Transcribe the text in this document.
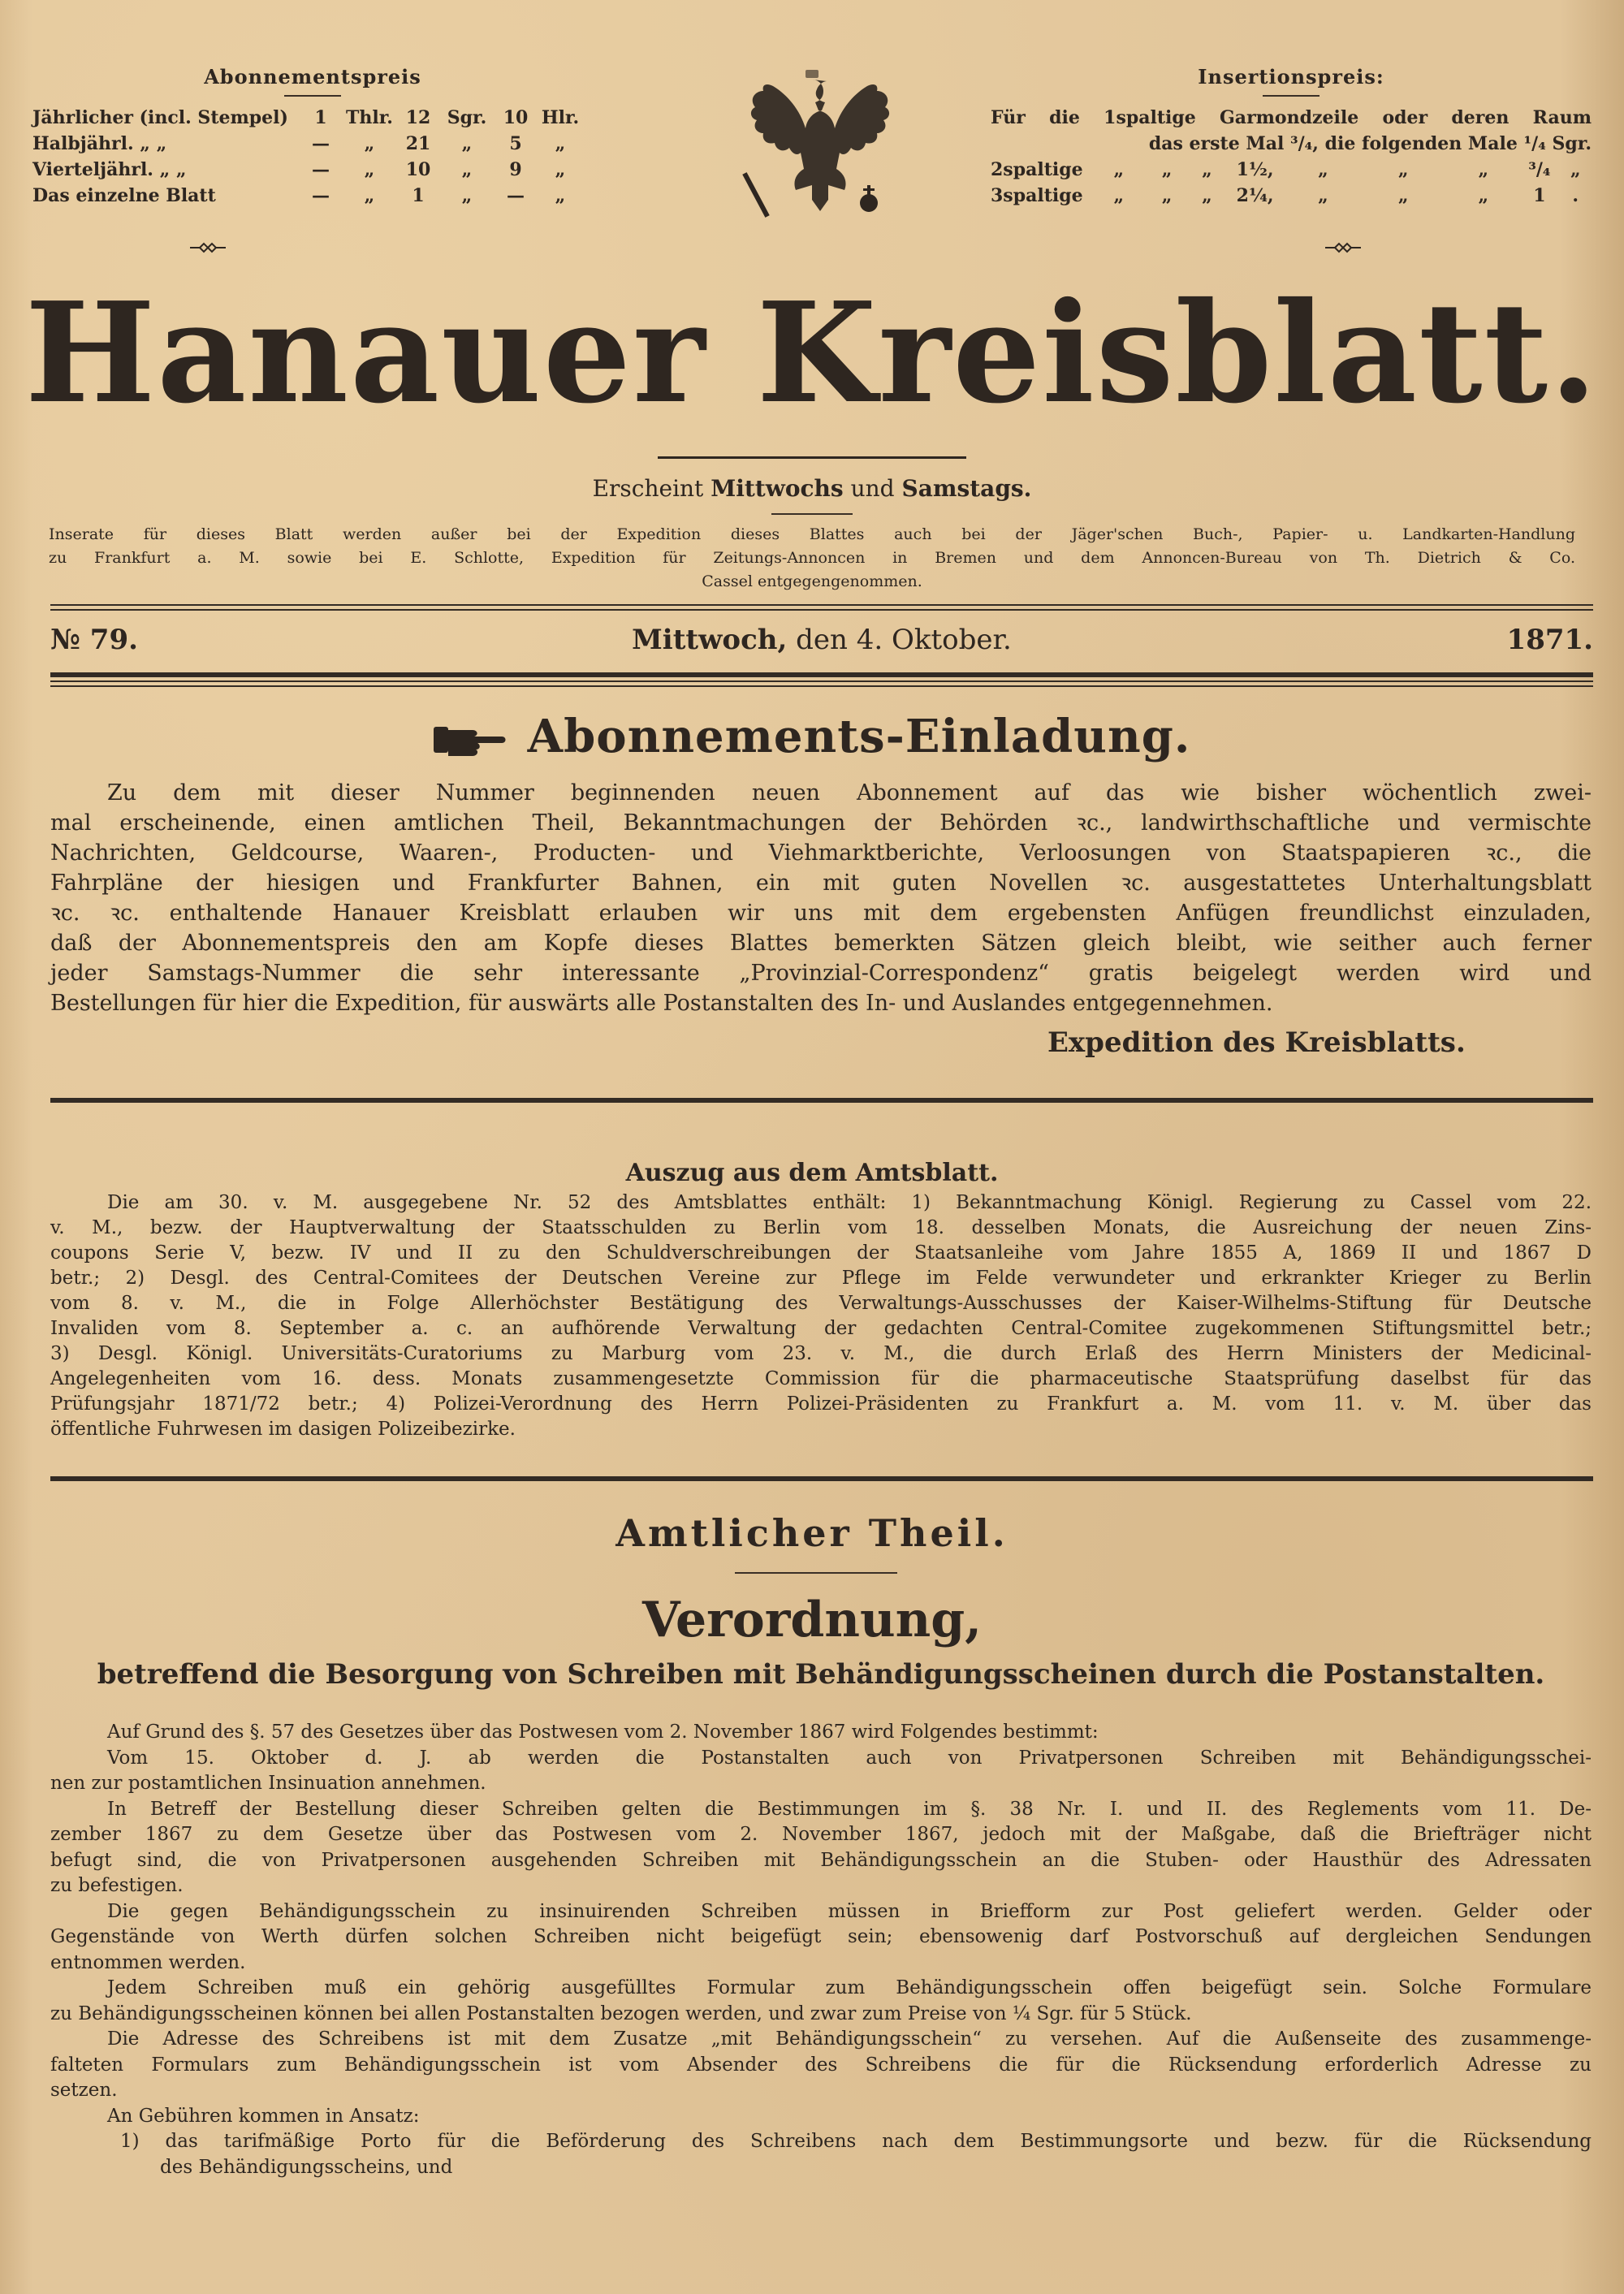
Abonnementspreis
Jährlicher (incl. Stempel)	1	Thlr. 12 Sgr. 10 Hlr.
Halbjährl. „ „	—	„	21	„	5	„
Vierteljährl. „ „	—	„	10	„	9	„
Das einzelne Blatt	—	„	1	„	—	„
Insertionspreis:
Für die 1spaltige Garmondzeile oder deren Raum
das erste Mal ³/₄, die folgenden Male ¹/₄ Sgr.
2spaltige	„	„	„	1½,	„	„	„	³/₄	„
3spaltige	„	„	„	2¼,	„	„	„	1	.
Hanauer Kreisblatt.
Erscheint Mittwochs und Samstags.
Inserate für dieses Blatt werden außer bei der Expedition dieses Blattes auch bei der Jäger'schen Buch-, Papier- u. Landkarten-Handlung
zu Frankfurt a. M. sowie bei E. Schlotte, Expedition für Zeitungs-Annoncen in Bremen und dem Annoncen-Bureau von Th. Dietrich & Co.
Cassel entgegengenommen.
№ 79.	Mittwoch, den 4. Oktober.	1871.
Abonnements-Einladung.
Zu dem mit dieser Nummer beginnenden neuen Abonnement auf das wie bisher wöchentlich zwei-
mal erscheinende, einen amtlichen Theil, Bekanntmachungen der Behörden ꝛc., landwirthschaftliche und vermischte
Nachrichten, Geldcourse, Waaren-, Producten- und Viehmarktberichte, Verloosungen von Staatspapieren ꝛc., die
Fahrpläne der hiesigen und Frankfurter Bahnen, ein mit guten Novellen ꝛc. ausgestattetes Unterhaltungsblatt
ꝛc. ꝛc. enthaltende Hanauer Kreisblatt erlauben wir uns mit dem ergebensten Anfügen freundlichst einzuladen,
daß der Abonnementspreis den am Kopfe dieses Blattes bemerkten Sätzen gleich bleibt, wie seither auch ferner
jeder Samstags-Nummer die sehr interessante „Provinzial-Correspondenz“ gratis beigelegt werden wird und
Bestellungen für hier die Expedition, für auswärts alle Postanstalten des In- und Auslandes entgegennehmen.
Expedition des Kreisblatts.
Auszug aus dem Amtsblatt.
Die am 30. v. M. ausgegebene Nr. 52 des Amtsblattes enthält: 1) Bekanntmachung Königl. Regierung zu Cassel vom 22.
v. M., bezw. der Hauptverwaltung der Staatsschulden zu Berlin vom 18. desselben Monats, die Ausreichung der neuen Zins-
coupons Serie V, bezw. IV und II zu den Schuldverschreibungen der Staatsanleihe vom Jahre 1855 A, 1869 II und 1867 D
betr.; 2) Desgl. des Central-Comitees der Deutschen Vereine zur Pflege im Felde verwundeter und erkrankter Krieger zu Berlin
vom 8. v. M., die in Folge Allerhöchster Bestätigung des Verwaltungs-Ausschusses der Kaiser-Wilhelms-Stiftung für Deutsche
Invaliden vom 8. September a. c. an aufhörende Verwaltung der gedachten Central-Comitee zugekommenen Stiftungsmittel betr.;
3) Desgl. Königl. Universitäts-Curatoriums zu Marburg vom 23. v. M., die durch Erlaß des Herrn Ministers der Medicinal-
Angelegenheiten vom 16. dess. Monats zusammengesetzte Commission für die pharmaceutische Staatsprüfung daselbst für das
Prüfungsjahr 1871/72 betr.; 4) Polizei-Verordnung des Herrn Polizei-Präsidenten zu Frankfurt a. M. vom 11. v. M. über das
öffentliche Fuhrwesen im dasigen Polizeibezirke.
Amtlicher Theil.
Verordnung,
betreffend die Besorgung von Schreiben mit Behändigungsscheinen durch die Postanstalten.
Auf Grund des §. 57 des Gesetzes über das Postwesen vom 2. November 1867 wird Folgendes bestimmt:
Vom 15. Oktober d. J. ab werden die Postanstalten auch von Privatpersonen Schreiben mit Behändigungsschei-
nen zur postamtlichen Insinuation annehmen.
In Betreff der Bestellung dieser Schreiben gelten die Bestimmungen im §. 38 Nr. I. und II. des Reglements vom 11. De-
zember 1867 zu dem Gesetze über das Postwesen vom 2. November 1867, jedoch mit der Maßgabe, daß die Briefträger nicht
befugt sind, die von Privatpersonen ausgehenden Schreiben mit Behändigungsschein an die Stuben- oder Hausthür des Adressaten
zu befestigen.
Die gegen Behändigungsschein zu insinuirenden Schreiben müssen in Briefform zur Post geliefert werden. Gelder oder
Gegenstände von Werth dürfen solchen Schreiben nicht beigefügt sein; ebensowenig darf Postvorschuß auf dergleichen Sendungen
entnommen werden.
Jedem Schreiben muß ein gehörig ausgefülltes Formular zum Behändigungsschein offen beigefügt sein. Solche Formulare
zu Behändigungsscheinen können bei allen Postanstalten bezogen werden, und zwar zum Preise von ¼ Sgr. für 5 Stück.
Die Adresse des Schreibens ist mit dem Zusatze „mit Behändigungsschein“ zu versehen. Auf die Außenseite des zusammenge-
falteten Formulars zum Behändigungsschein ist vom Absender des Schreibens die für die Rücksendung erforderlich Adresse zu
setzen.
An Gebühren kommen in Ansatz:
1) das tarifmäßige Porto für die Beförderung des Schreibens nach dem Bestimmungsorte und bezw. für die Rücksendung
des Behändigungsscheins, und
